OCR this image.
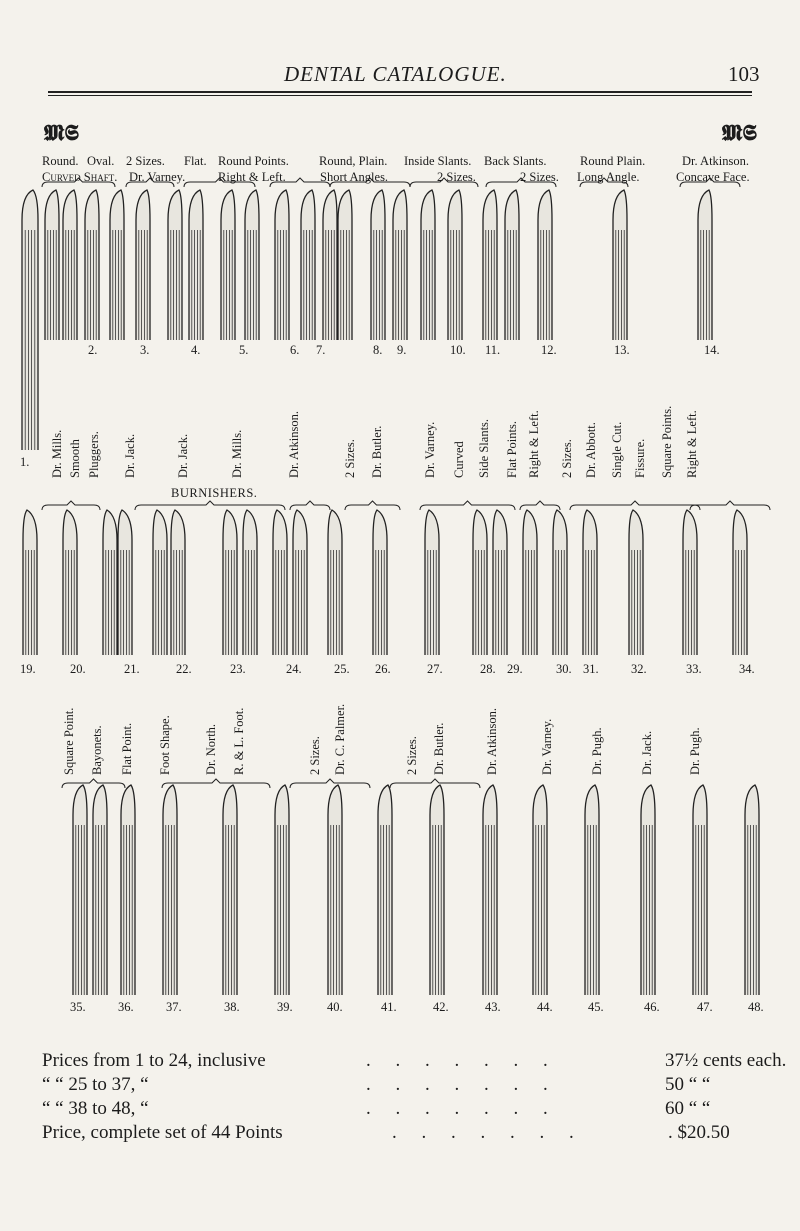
DENTAL CATALOGUE.	103
𝕸𝕾	𝕸𝕾
Round. Oval. 2 Sizes. Flat. Round Points. Round, Plain. Inside Slants. Back Slants.	Round Plain.	Dr. Atkinson.
Curved Shaft. Dr. Varney.	Right & Left.	Short Angles.	2 Sizes.	2 Sizes. Long Angle.	Concave Face.
2.	3.	4.	5.	6. 7.	8. 9.	10. 11.	12.	13.	14.
1. Dr. Mills. Smooth Pluggers. Dr. Jack.	Dr. Jack.	Dr. Mills.	Dr. Atkinson.	2 Sizes. Dr. Butler.	Dr. Varney. Curved Side Slants. Flat Points. Right & Left. 2 Sizes. Dr. Abbott. Single Cut. Fissure. Square Points. Right & Left.
BURNISHERS.
19.	20.	21.	22.	23.	24.	25. 26.	27.	28. 29.	30. 31.	32.	33.	34.
Square Point. Bayonets. Flat Point. Foot Shape.	Dr. North. R. & L. Foot.	2 Sizes. Dr. C. Palmer.	2 Sizes. Dr. Butler.	Dr. Atkinson.	Dr. Varney.	Dr. Pugh.	Dr. Jack.	Dr. Pugh.
35.	36.	37.	38.	39.	40.	41.	42.	43.	44.	45.	46.	47.	48.
Prices from 1 to 24, inclusive	. . . . . . .	37½ cents each.
“ “ 25 to 37, “	. . . . . . .	50 “ “
“ “ 38 to 48, “	. . . . . . .	60 “ “
Price, complete set of 44 Points	. . . . . . .	. $20.50
